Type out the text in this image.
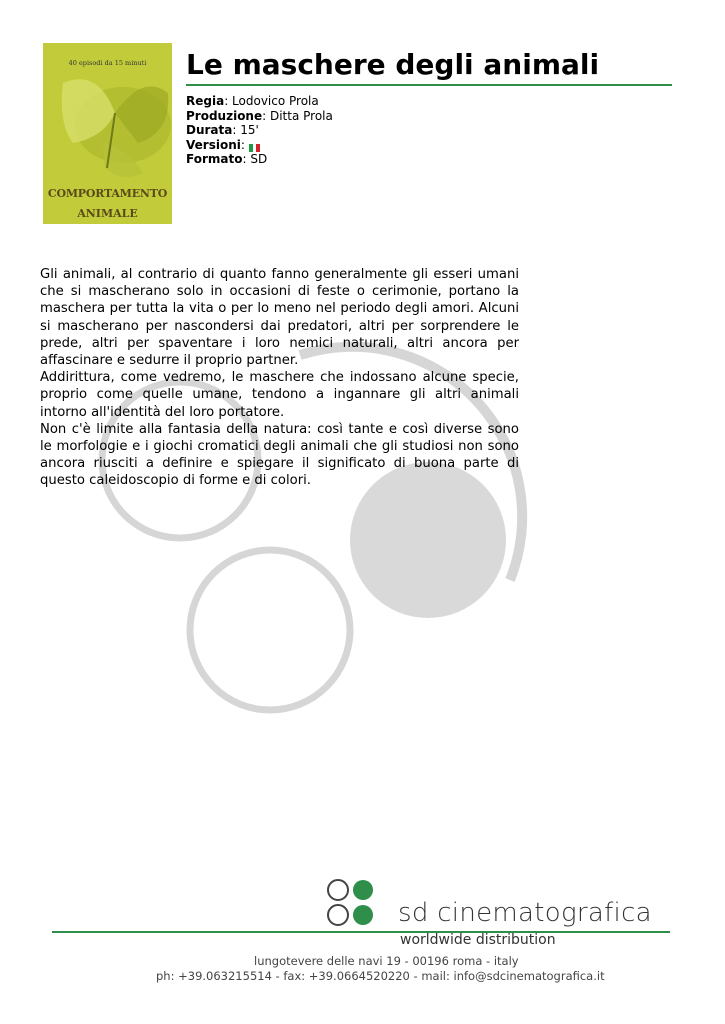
40 episodi da 15 minuti
COMPORTAMENTO
ANIMALE
Le maschere degli animali
Regia: Lodovico Prola
Produzione: Ditta Prola
Durata: 15'
Versioni:
Formato: SD

Gli animali, al contrario di quanto fanno generalmente gli esseri umani che si mascherano solo in occasioni di feste o cerimonie, portano la maschera per tutta la vita o per lo meno nel periodo degli amori. Alcuni si mascherano per nascondersi dai predatori, altri per sorprendere le prede, altri per spaventare i loro nemici naturali, altri ancora per affascinare e sedurre il proprio partner.

Addirittura, come vedremo, le maschere che indossano alcune specie, proprio come quelle umane, tendono a ingannare gli altri animali intorno all'identità del loro portatore.

Non c'è limite alla fantasia della natura: così tante e così diverse sono le morfologie e i giochi cromatici degli animali che gli studiosi non sono ancora riusciti a definire e spiegare il significato di buona parte di questo caleidoscopio di forme e di colori.

sd cinematografica
worldwide distribution
lungotevere delle navi 19 - 00196 roma - italy
ph: +39.063215514 - fax: +39.0664520220 - mail: info@sdcinematografica.it
